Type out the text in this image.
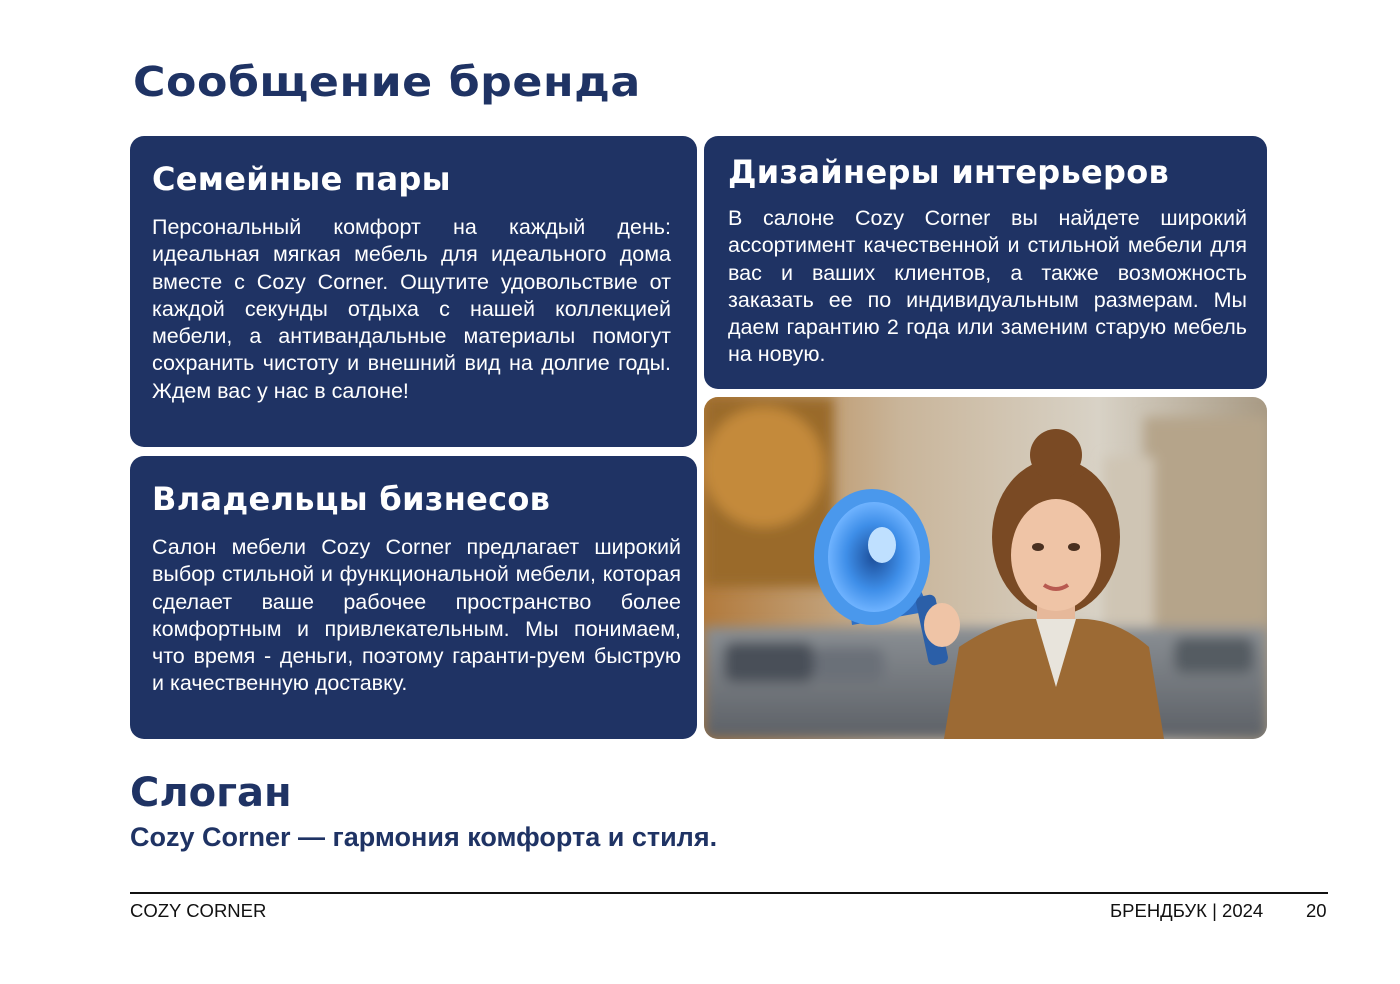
Сообщение бренда
Семейные пары

Персональный комфорт на каждый день: идеальная мягкая мебель для идеального дома вместе с Cozy Corner. Ощутите удовольствие от каждой секунды отдыха с нашей коллекцией мебели, а антивандальные материалы помогут сохранить чистоту и внешний вид на долгие годы. Ждем вас у нас в салоне!

Дизайнеры интерьеров

В салоне Cozy Corner вы найдете широкий ассортимент качественной и стильной мебели для вас и ваших клиентов, а также возможность заказать ее по индивидуальным размерам. Мы даем гарантию 2 года или заменим старую мебель на новую.

Владельцы бизнесов

Салон мебели Cozy Corner предлагает широкий выбор стильной и функциональной мебели, которая сделает ваше рабочее пространство более комфортным и привлекательным. Мы понимаем, что время - деньги, поэтому гаранти-руем быструю и качественную доставку.

Слоган

Cozy Corner — гармония комфорта и стиля.

COZY CORNER	БРЕНДБУК | 2024 20
